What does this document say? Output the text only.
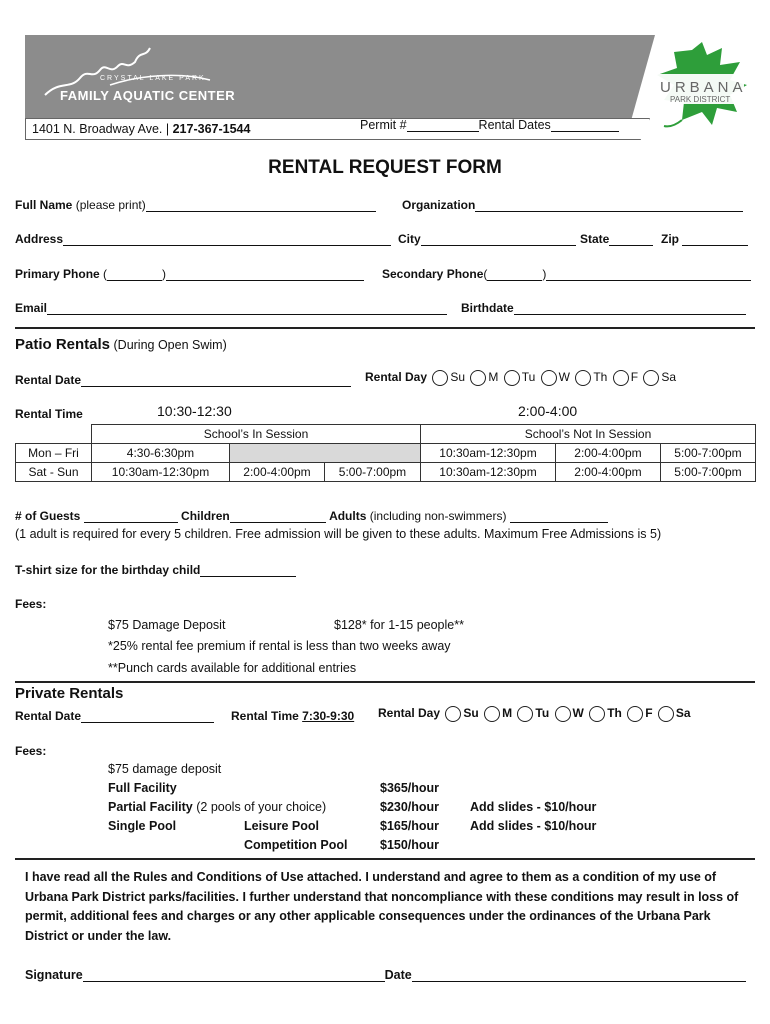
CRYSTAL LAKE PARK
FAMILY AQUATIC CENTER
1401 N. Broadway Ave. | 217-367-1544	Permit #	Rental Dates
URBANA
PARK DISTRICT
RENTAL REQUEST FORM
Full Name (please print)	Organization
Address	City	State	Zip
Primary Phone (	)	Secondary Phone(	)
Email	Birthdate
Patio Rentals (During Open Swim)
Rental Date	Rental Day Su M Tu W Th F Sa
Rental Time	10:30-12:30	2:00-4:00
	School’s In Session			School’s Not In Session		
Mon – Fri	4:30-6:30pm			10:30am-12:30pm	2:00-4:00pm	5:00-7:00pm
Sat - Sun	10:30am-12:30pm	2:00-4:00pm	5:00-7:00pm	10:30am-12:30pm	2:00-4:00pm	5:00-7:00pm
# of Guests	Children	Adults (including non-swimmers)
(1 adult is required for every 5 children. Free admission will be given to these adults. Maximum Free Admissions is 5)
T-shirt size for the birthday child
Fees:
$75 Damage Deposit	$128* for 1-15 people**
*25% rental fee premium if rental is less than two weeks away
**Punch cards available for additional entries
Private Rentals
Rental Date	Rental Time 7:30-9:30 Rental Day Su M Tu W Th F Sa
Fees:
$75 damage deposit
Full Facility	$365/hour
Partial Facility (2 pools of your choice)	$230/hour Add slides - $10/hour
Single Pool	Leisure Pool	$165/hour Add slides - $10/hour
Competition Pool	$150/hour
I have read all the Rules and Conditions of Use attached. I understand and agree to them as a condition of my use of Urbana Park District parks/facilities. I further understand that noncompliance with these conditions may result in loss of permit, additional fees and charges or any other applicable consequences under the ordinances of the Urbana Park District or under the law.
Signature	Date
